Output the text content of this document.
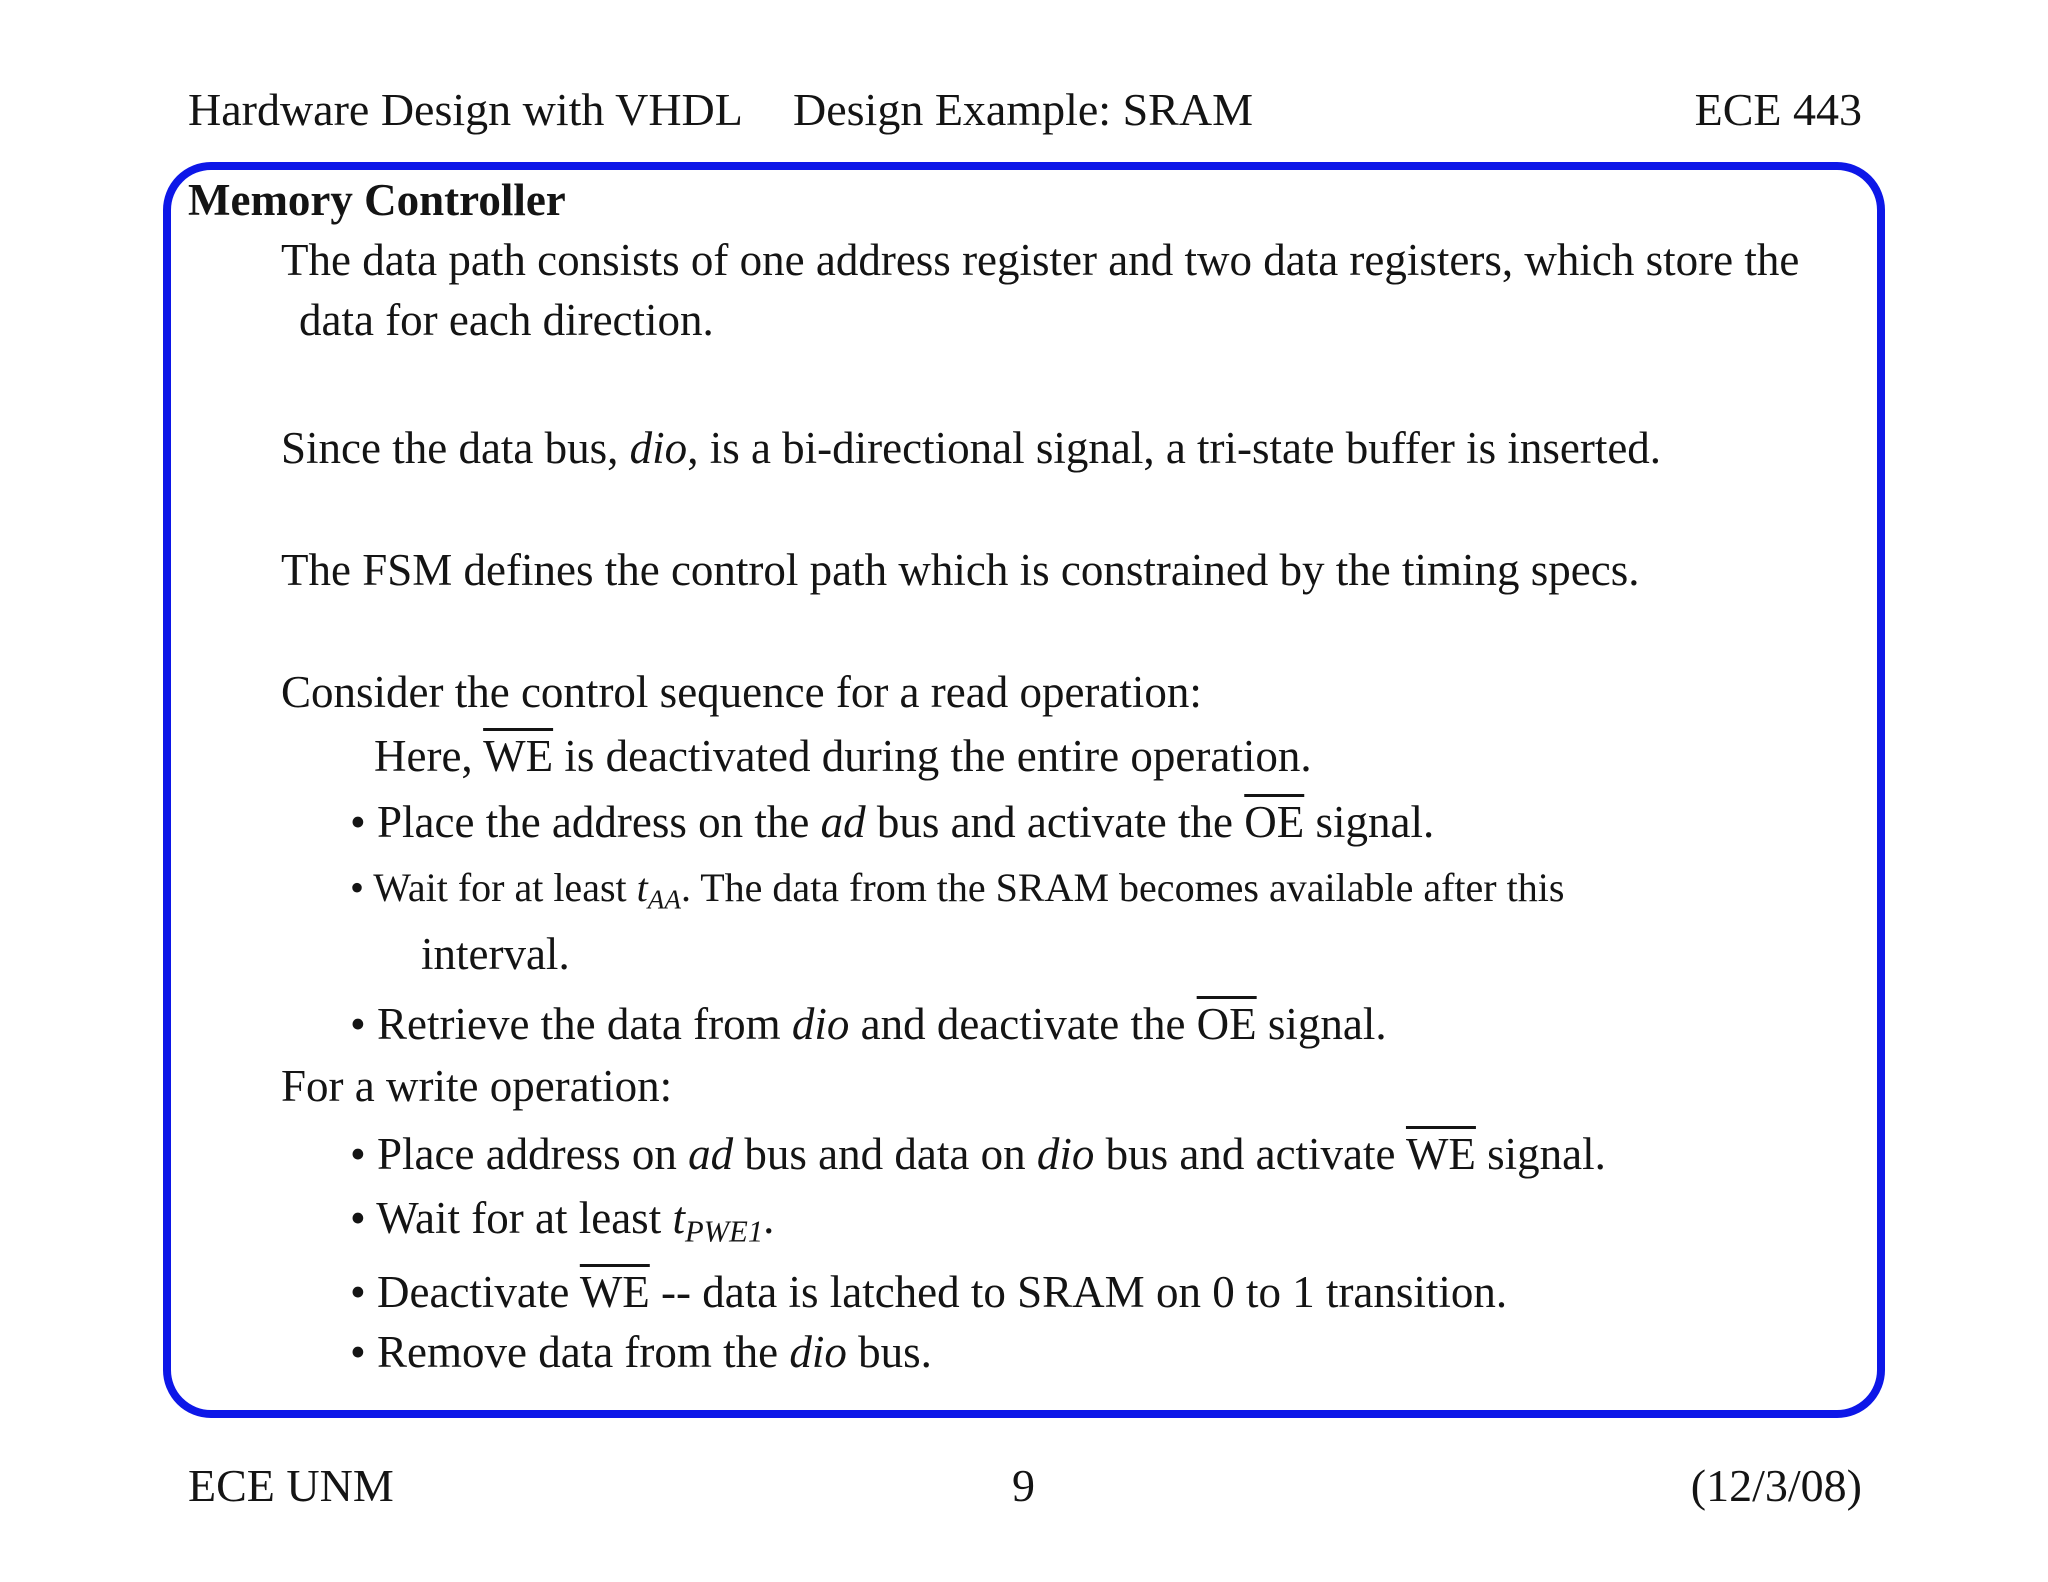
Hardware Design with VHDL Design Example: SRAM	ECE 443
Memory Controller
The data path consists of one address register and two data registers, which store the
data for each direction.
Since the data bus, dio, is a bi-directional signal, a tri-state buffer is inserted.
The FSM defines the control path which is constrained by the timing specs.
Consider the control sequence for a read operation:
Here, $\overline{WE}$ is deactivated during the entire operation.
• Place the address on the ad bus and activate the $\overline{OE}$ signal.
• Wait for at least $t_{AA}$. The data from the SRAM becomes available after this
interval.
• Retrieve the data from dio and deactivate the $\overline{OE}$ signal.
For a write operation:
• Place address on ad bus and data on dio bus and activate $\overline{WE}$ signal.
• Wait for at least $t_{PWE1}$.
• Deactivate $\overline{WE}$ -- data is latched to SRAM on 0 to 1 transition.
• Remove data from the dio bus.
ECE UNM	9	(12/3/08)
